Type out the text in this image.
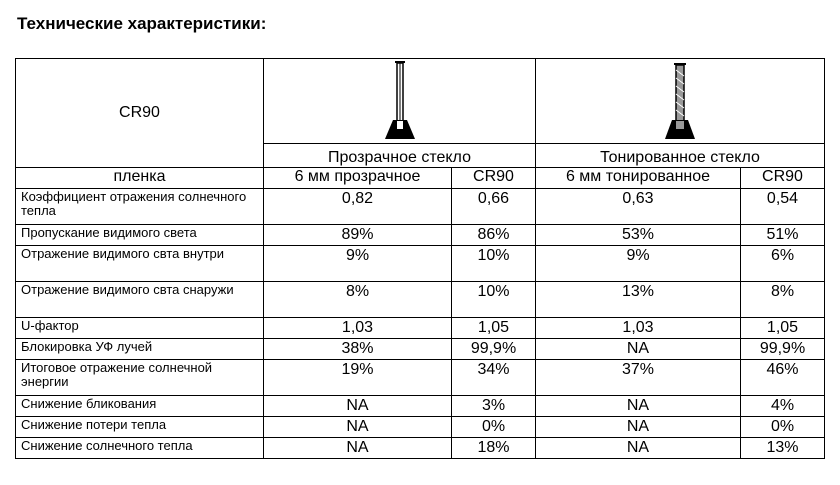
Технические характеристики:
CR90	

	Прозрачное стекло		Тонированное стекло	
пленка	6 мм прозрачное	CR90	6 мм тонированное	CR90
Коэффициент отражения солнечного тепла	0,82	0,66	0,63	0,54
Пропускание видимого света	89%	86%	53%	51%
Отражение видимого свта внутри	9%	10%	9%	6%
Отражение видимого свта снаружи	8%	10%	13%	8%
U-фактор	1,03	1,05	1,03	1,05
Блокировка УФ лучей	38%	99,9%	NA	99,9%
Итоговое отражение солнечной энергии	19%	34%	37%	46%
Снижение бликования	NA	3%	NA	4%
Снижение потери тепла	NA	0%	NA	0%
Снижение солнечного тепла	NA	18%	NA	13%
